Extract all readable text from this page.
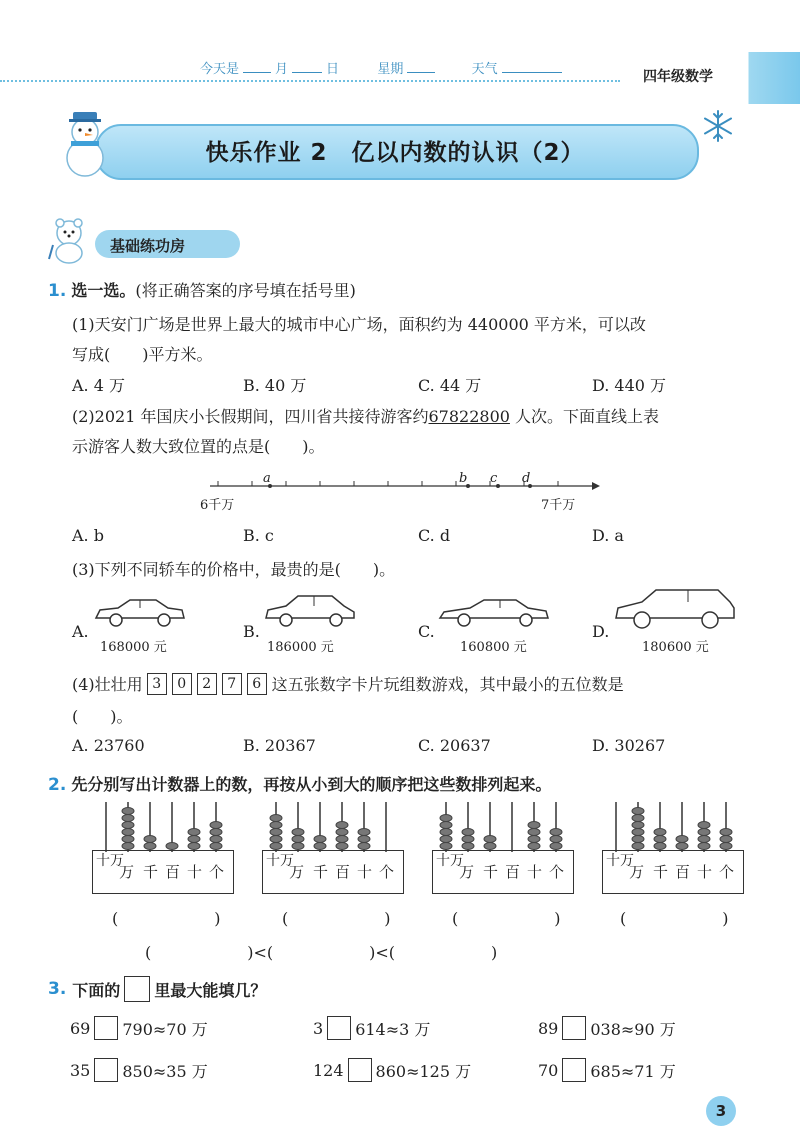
今天是	月	日	星期	天气	四年级数学
快乐作业 2　亿以内数的认识（2）
基础练功房
1. 选一选。(将正确答案的序号填在括号里)
(1)天安门广场是世界上最大的城市中心广场，面积约为 440000 平方米，可以改
写成(　　)平方米。
A. 4 万	B. 40 万	C. 44 万	D. 440 万
(2)2021 年国庆小长假期间，四川省共接待游客约67822800 人次。下面直线上表
示游客人数大致位置的点是(　　)。
a	b c d
6千万	7千万
A. b	B. c	C. d	D. a
(3)下列不同轿车的价格中，最贵的是(　　)。
A.
168000 元
B.
186000 元
C.
160800 元
D.
180600 元
(4)壮壮用 3 0 2 7 6 这五张数字卡片玩组数游戏，其中最小的五位数是
(　　)。
A. 23760	B. 20367	C. 20637	D. 30267
2. 先分别写出计数器上的数，再按从小到大的顺序把这些数排列起来。
十万
万 千 百 十 个
(　　　　　　)
十万
万 千 百 十 个
(　　　　　　)
十万
万 千 百 十 个
(　　　　　　)
十万
万 千 百 十 个
(　　　　　　)
(　　　　　　)<(　　　　　　)<(　　　　　　)
3. 下面的 里最大能填几？
69 790≈70 万	3 614≈3 万	89 038≈90 万
35 850≈35 万	124 860≈125 万	70 685≈71 万
3
